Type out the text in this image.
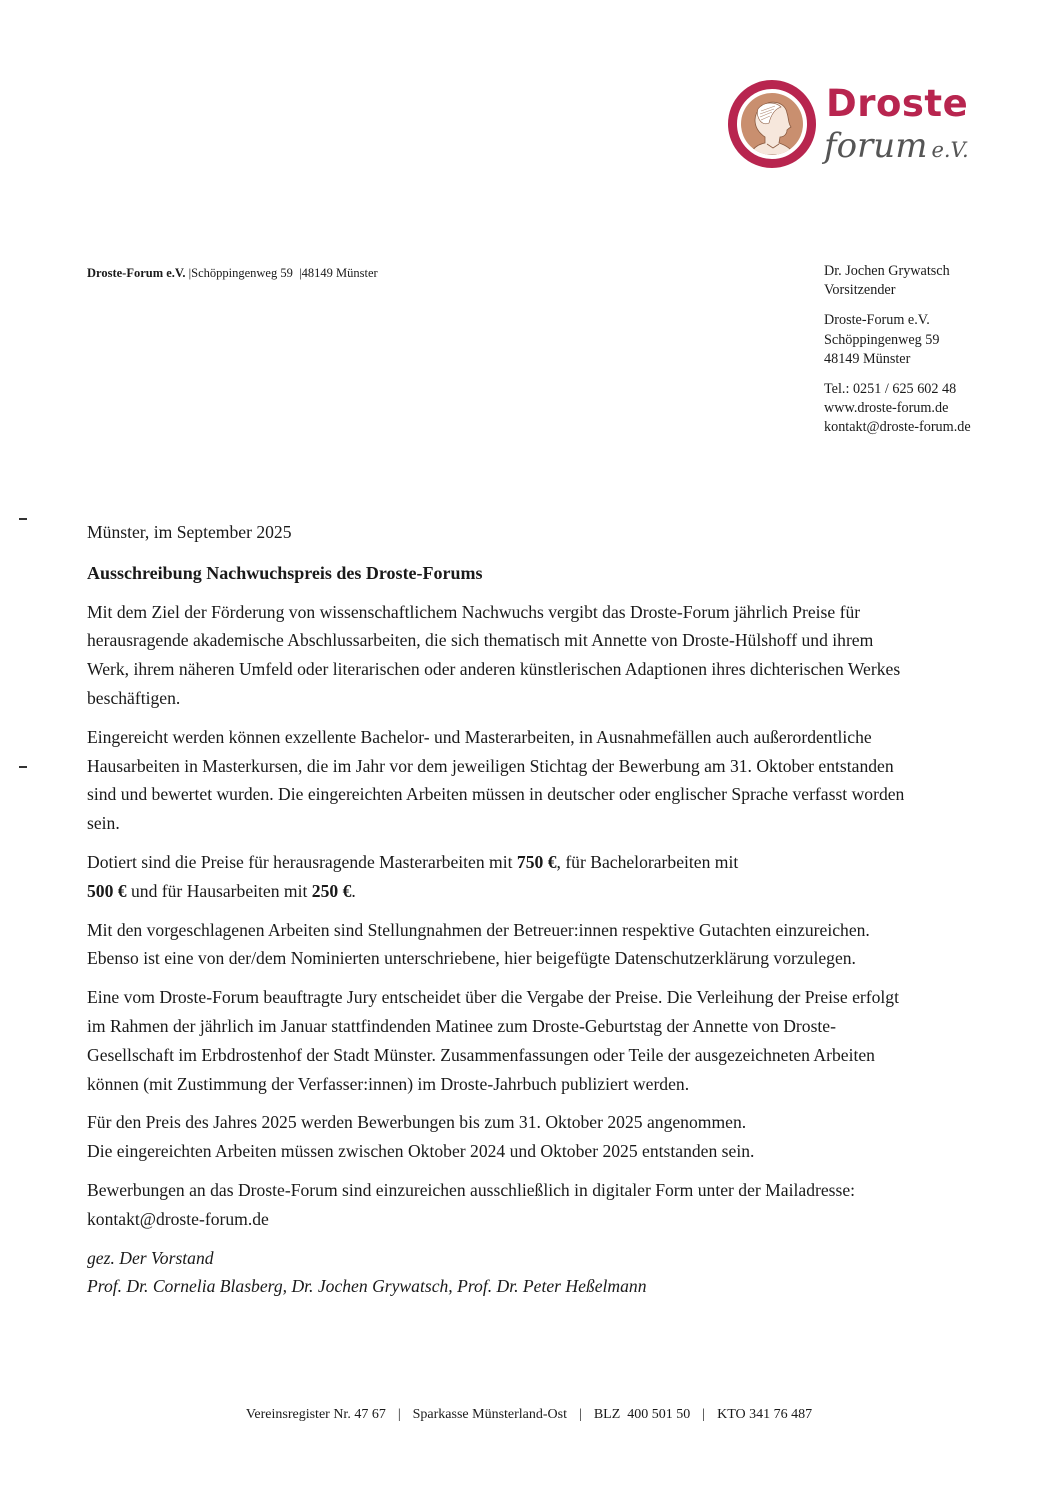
Droste
forum e.V.
Droste-Forum e.V. |Schöppingenweg 59 |48149 Münster	Dr. Jochen Grywatsch
Vorsitzender
Droste-Forum e.V.
Schöppingenweg 59
48149 Münster
Tel.: 0251 / 625 602 48
www.droste-forum.de
kontakt@droste-forum.de

Münster, im September 2025

Ausschreibung Nachwuchspreis des Droste-Forums

Mit dem Ziel der Förderung von wissenschaftlichem Nachwuchs vergibt das Droste-Forum jährlich Preise für herausragende akademische Abschlussarbeiten, die sich thematisch mit Annette von Droste-Hülshoff und ihrem Werk, ihrem näheren Umfeld oder literarischen oder anderen künstlerischen Adaptionen ihres dichterischen Werkes beschäftigen.

Eingereicht werden können exzellente Bachelor- und Masterarbeiten, in Ausnahmefällen auch außerordentliche Hausarbeiten in Masterkursen, die im Jahr vor dem jeweiligen Stichtag der Bewerbung am 31. Oktober entstanden sind und bewertet wurden. Die eingereichten Arbeiten müssen in deutscher oder englischer Sprache verfasst worden sein.

Dotiert sind die Preise für herausragende Masterarbeiten mit 750 €, für Bachelorarbeiten mit
500 € und für Hausarbeiten mit 250 €.

Mit den vorgeschlagenen Arbeiten sind Stellungnahmen der Betreuer:innen respektive Gutachten einzureichen. Ebenso ist eine von der/dem Nominierten unterschriebene, hier beigefügte Datenschutzerklärung vorzulegen.

Eine vom Droste-Forum beauftragte Jury entscheidet über die Vergabe der Preise. Die Verleihung der Preise erfolgt im Rahmen der jährlich im Januar stattfindenden Matinee zum Droste-Geburtstag der Annette von Droste-Gesellschaft im Erbdrostenhof der Stadt Münster. Zusammenfassungen oder Teile der ausgezeichneten Arbeiten können (mit Zustimmung der Verfasser:innen) im Droste-Jahrbuch publiziert werden.

Für den Preis des Jahres 2025 werden Bewerbungen bis zum 31. Oktober 2025 angenommen.
Die eingereichten Arbeiten müssen zwischen Oktober 2024 und Oktober 2025 entstanden sein.

Bewerbungen an das Droste-Forum sind einzureichen ausschließlich in digitaler Form unter der Mailadresse: kontakt@droste-forum.de

gez. Der Vorstand

Prof. Dr. Cornelia Blasberg, Dr. Jochen Grywatsch, Prof. Dr. Peter Heßelmann

Vereinsregister Nr. 47 67 | Sparkasse Münsterland-Ost | BLZ  400 501 50 | KTO 341 76 487
